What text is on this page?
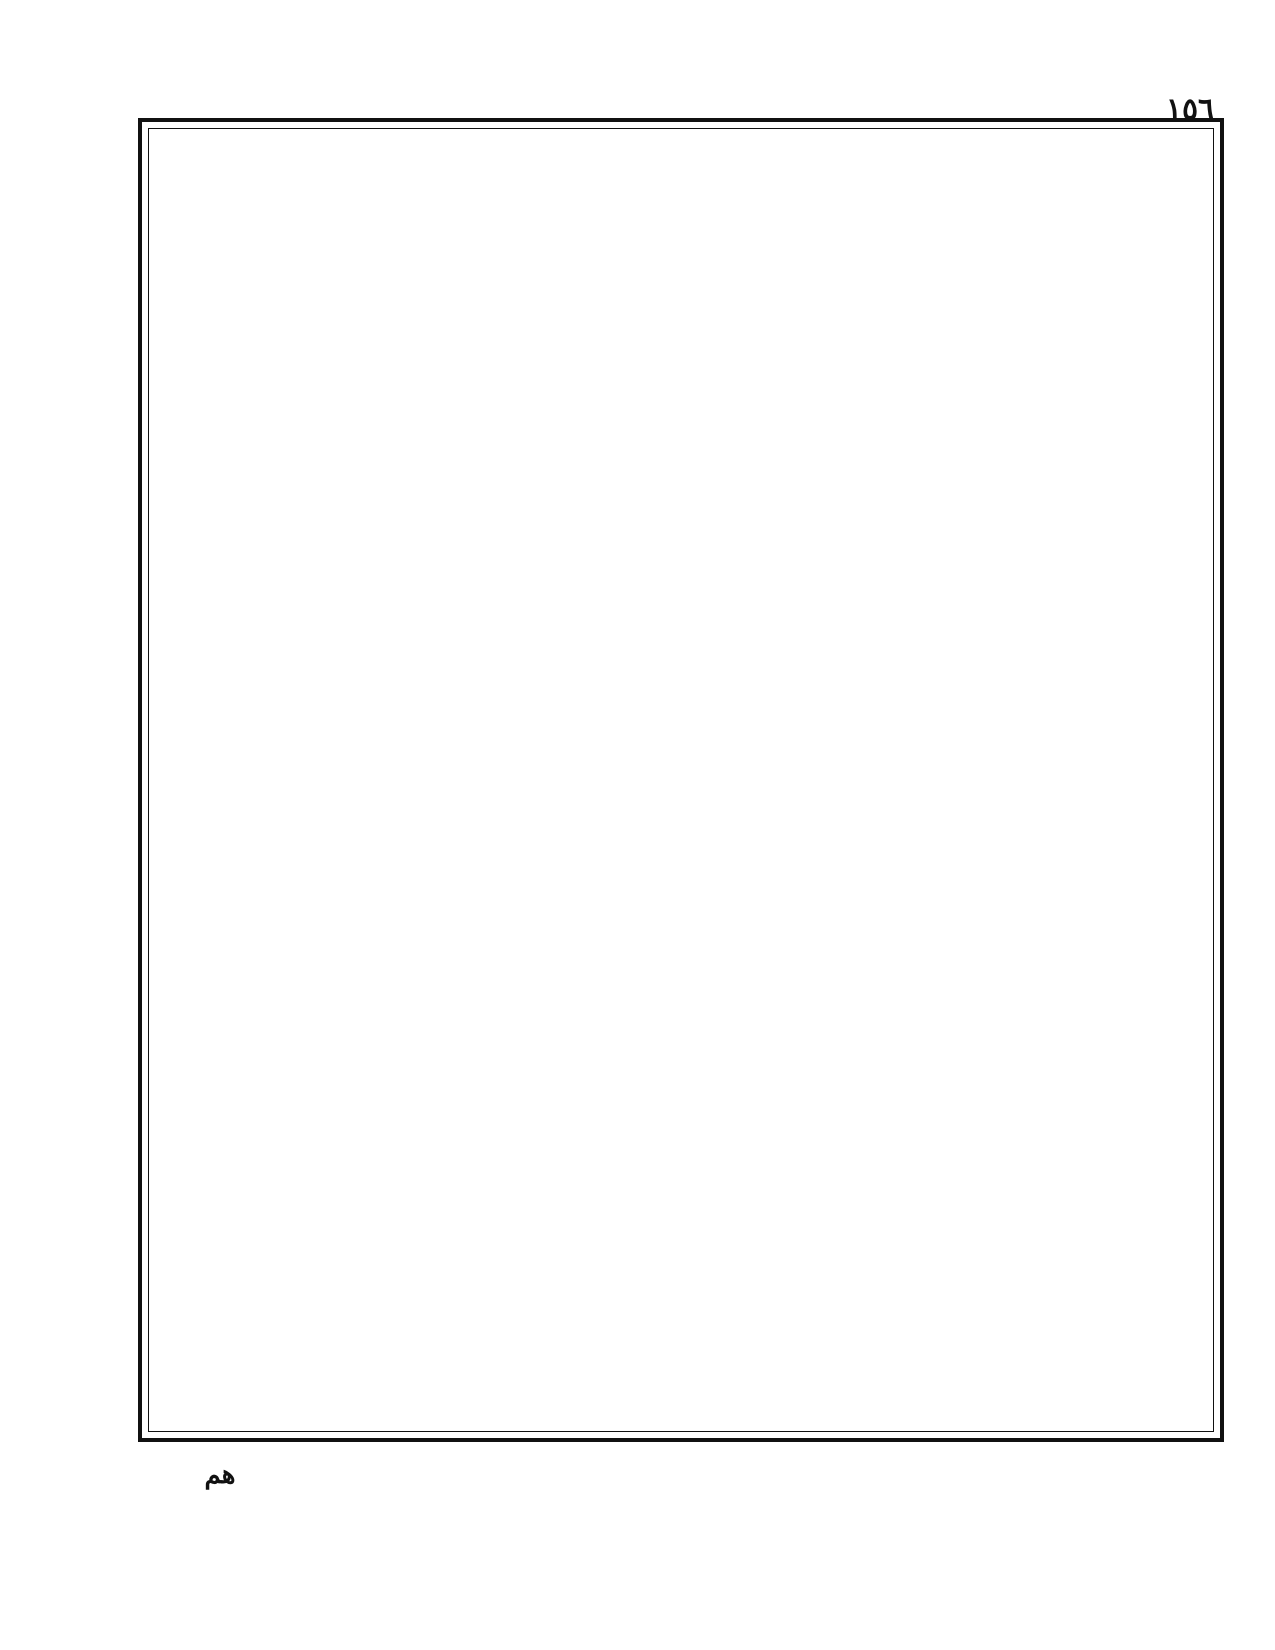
١٥٦
هم
